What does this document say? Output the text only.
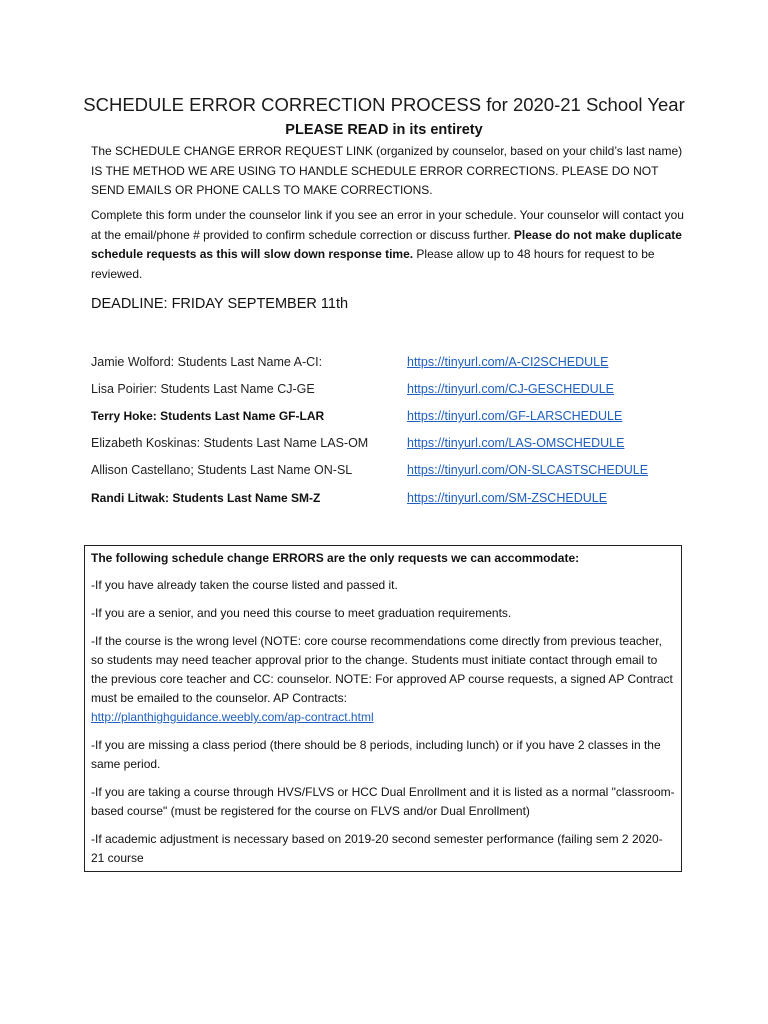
SCHEDULE ERROR CORRECTION PROCESS for 2020-21 School Year
PLEASE READ in its entirety
The SCHEDULE CHANGE ERROR REQUEST LINK (organized by counselor, based on your child’s last name) IS THE METHOD WE ARE USING TO HANDLE SCHEDULE ERROR CORRECTIONS. PLEASE DO NOT SEND EMAILS OR PHONE CALLS TO MAKE CORRECTIONS.
Complete this form under the counselor link if you see an error in your schedule. Your counselor will contact you at the email/phone # provided to confirm schedule correction or discuss further. Please do not make duplicate schedule requests as this will slow down response time. Please allow up to 48 hours for request to be reviewed.
DEADLINE: FRIDAY SEPTEMBER 11th
Jamie Wolford: Students Last Name A-CI:	https://tinyurl.com/A-CI2SCHEDULE
Lisa Poirier: Students Last Name CJ-GE	https://tinyurl.com/CJ-GESCHEDULE
Terry Hoke: Students Last Name GF-LAR	https://tinyurl.com/GF-LARSCHEDULE
Elizabeth Koskinas: Students Last Name LAS-OM	https://tinyurl.com/LAS-OMSCHEDULE
Allison Castellano; Students Last Name ON-SL	https://tinyurl.com/ON-SLCASTSCHEDULE
Randi Litwak: Students Last Name SM-Z	https://tinyurl.com/SM-ZSCHEDULE
The following schedule change ERRORS are the only requests we can accommodate:
-If you have already taken the course listed and passed it.
-If you are a senior, and you need this course to meet graduation requirements.
-If the course is the wrong level (NOTE: core course recommendations come directly from previous teacher, so students may need teacher approval prior to the change. Students must initiate contact through email to the previous core teacher and CC: counselor. NOTE: For approved AP course requests, a signed AP Contract must be emailed to the counselor. AP Contracts:
http://planthighguidance.weebly.com/ap-contract.html
-If you are missing a class period (there should be 8 periods, including lunch) or if you have 2 classes in the same period.
-If you are taking a course through HVS/FLVS or HCC Dual Enrollment and it is listed as a normal "classroom-based course" (must be registered for the course on FLVS and/or Dual Enrollment)
-If academic adjustment is necessary based on 2019-20 second semester performance (failing sem 2 2020-21 course
